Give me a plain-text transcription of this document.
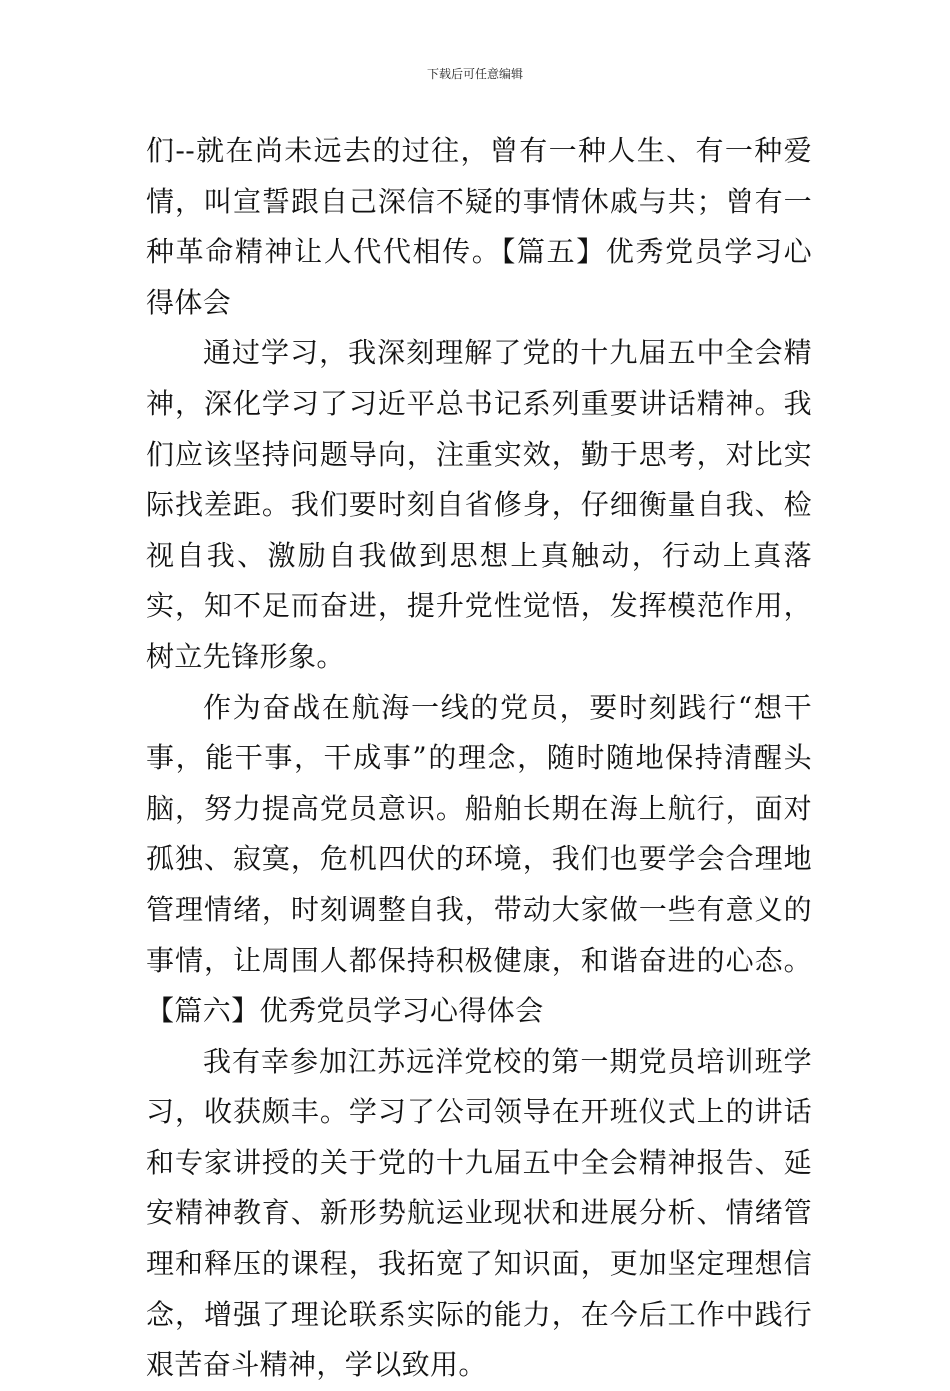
下载后可任意编辑

们--就在尚未远去的过往，曾有一种人生、有一种爱情，叫宣誓跟自己深信不疑的事情休戚与共；曾有一种革命精神让人代代相传。【篇五】优秀党员学习心得体会

通过学习，我深刻理解了党的十九届五中全会精神，深化学习了习近平总书记系列重要讲话精神。我们应该坚持问题导向，注重实效，勤于思考，对比实际找差距。我们要时刻自省修身，仔细衡量自我、检视自我、激励自我做到思想上真触动，行动上真落实，知不足而奋进，提升党性觉悟，发挥模范作用，树立先锋形象。

作为奋战在航海一线的党员，要时刻践行“想干事，能干事，干成事”的理念，随时随地保持清醒头脑，努力提高党员意识。船舶长期在海上航行，面对孤独、寂寞，危机四伏的环境，我们也要学会合理地管理情绪，时刻调整自我，带动大家做一些有意义的事情，让周围人都保持积极健康，和谐奋进的心态。【篇六】优秀党员学习心得体会

我有幸参加江苏远洋党校的第一期党员培训班学习，收获颇丰。学习了公司领导在开班仪式上的讲话和专家讲授的关于党的十九届五中全会精神报告、延安精神教育、新形势航运业现状和进展分析、情绪管理和释压的课程，我拓宽了知识面，更加坚定理想信念，增强了理论联系实际的能力，在今后工作中践行艰苦奋斗精神，学以致用。
